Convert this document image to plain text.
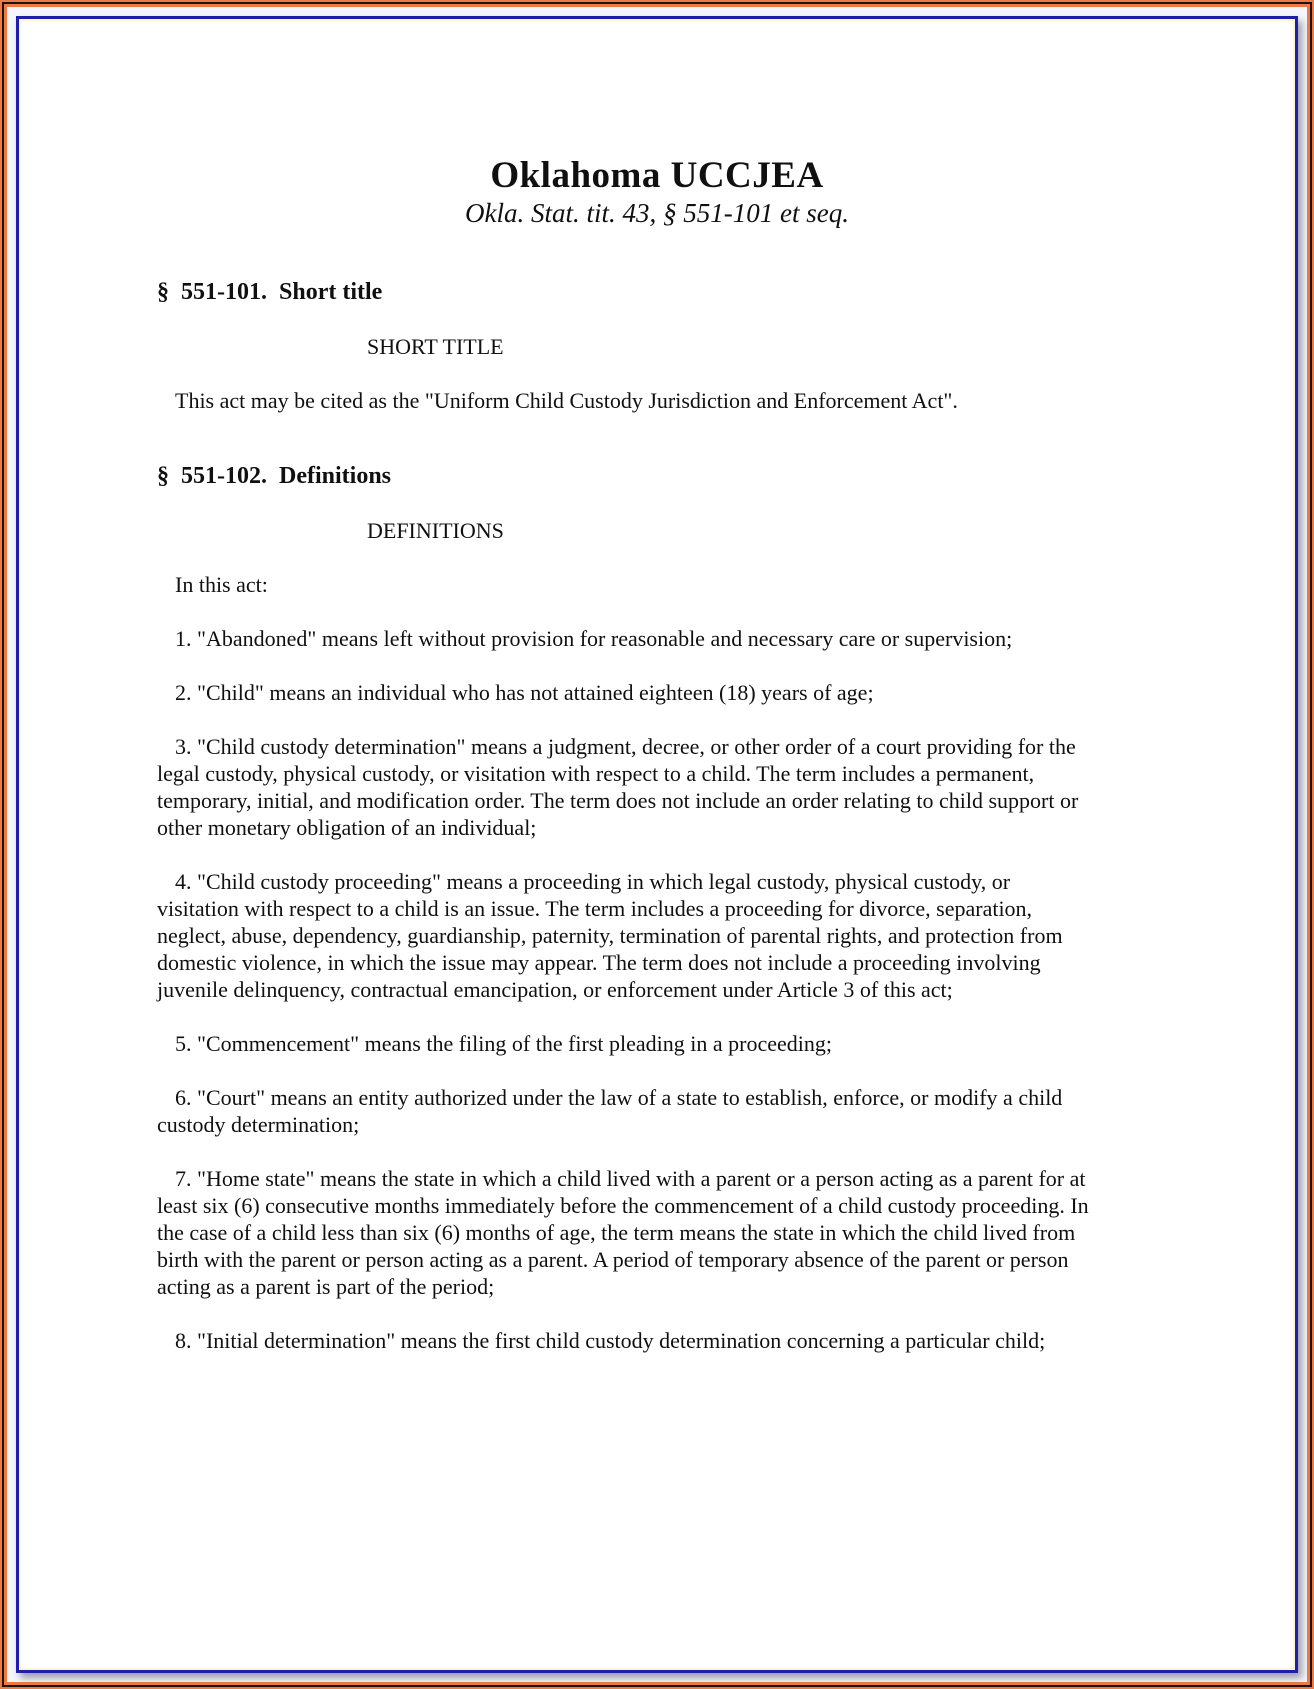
Oklahoma UCCJEA
Okla. Stat. tit. 43, § 551-101 et seq.
§  551-101.  Short title
SHORT TITLE

This act may be cited as the "Uniform Child Custody Jurisdiction and Enforcement Act".

§  551-102.  Definitions
DEFINITIONS

In this act:

1. "Abandoned" means left without provision for reasonable and necessary care or supervision;

2. "Child" means an individual who has not attained eighteen (18) years of age;

3. "Child custody determination" means a judgment, decree, or other order of a court providing for the legal custody, physical custody, or visitation with respect to a child. The term includes a permanent, temporary, initial, and modification order. The term does not include an order relating to child support or other monetary obligation of an individual;

4. "Child custody proceeding" means a proceeding in which legal custody, physical custody, or visitation with respect to a child is an issue. The term includes a proceeding for divorce, separation, neglect, abuse, dependency, guardianship, paternity, termination of parental rights, and protection from domestic violence, in which the issue may appear. The term does not include a proceeding involving juvenile delinquency, contractual emancipation, or enforcement under Article 3 of this act;

5. "Commencement" means the filing of the first pleading in a proceeding;

6. "Court" means an entity authorized under the law of a state to establish, enforce, or modify a child custody determination;

7. "Home state" means the state in which a child lived with a parent or a person acting as a parent for at least six (6) consecutive months immediately before the commencement of a child custody proceeding. In the case of a child less than six (6) months of age, the term means the state in which the child lived from birth with the parent or person acting as a parent. A period of temporary absence of the parent or person acting as a parent is part of the period;

8. "Initial determination" means the first child custody determination concerning a particular child;
